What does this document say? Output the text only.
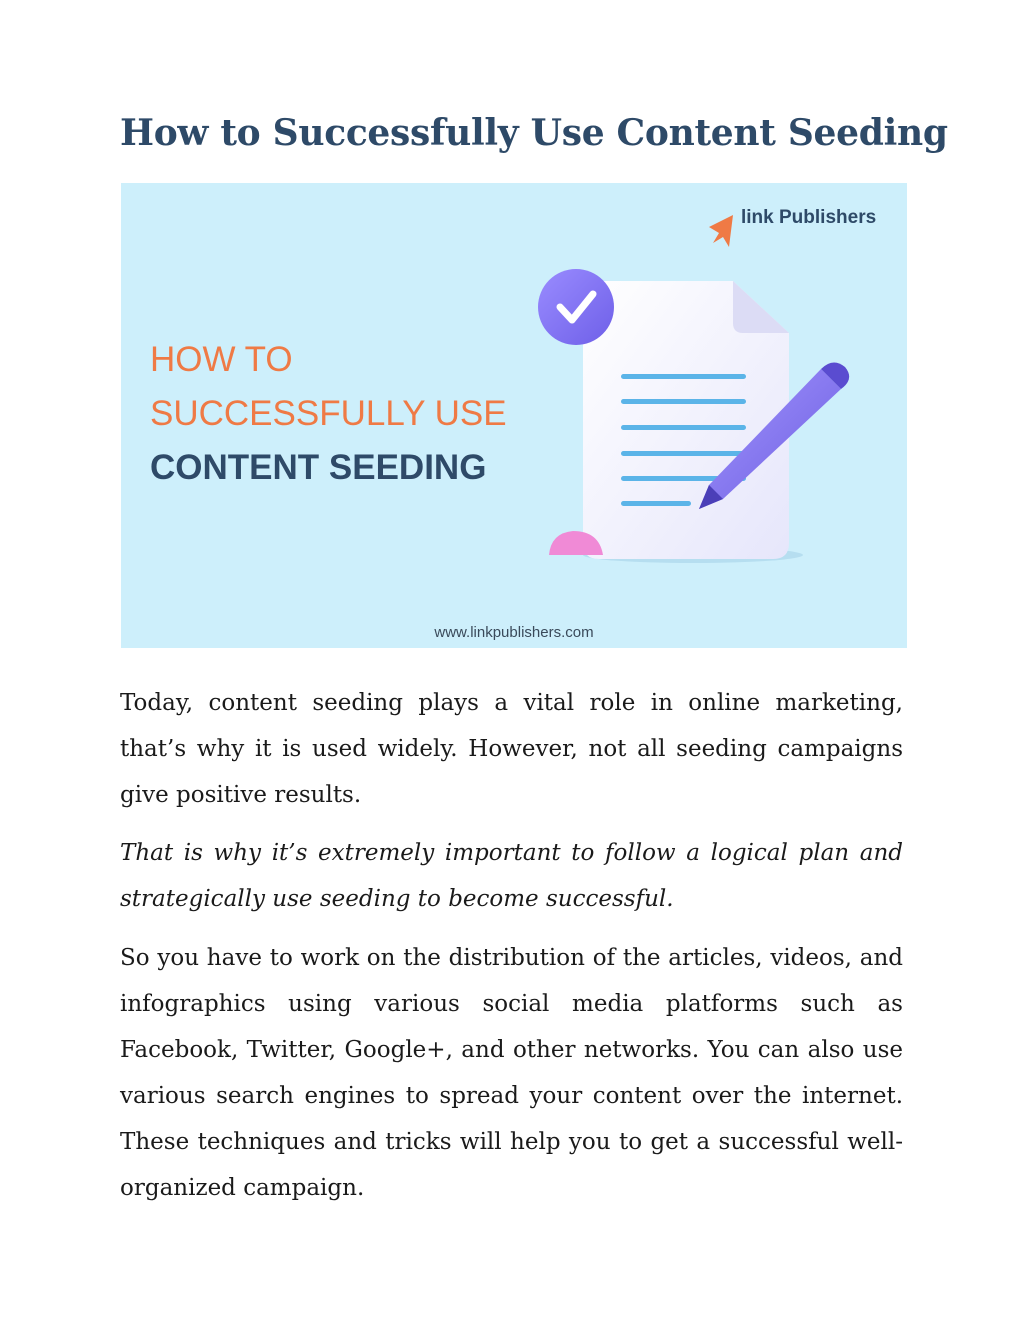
How to Successfully Use Content Seeding
link Publishers
HOW TO
SUCCESSFULLY USE
CONTENT SEEDING
www.linkpublishers.com

Today, content seeding plays a vital role in online marketing, that’s why it is used widely. However, not all seeding campaigns give positive results.

That is why it’s extremely important to follow a logical plan and strategically use seeding to become successful.

So you have to work on the distribution of the articles, videos, and infographics using various social media platforms such as Facebook, Twitter, Google+, and other networks. You can also use various search engines to spread your content over the internet. These techniques and tricks will help you to get a successful well-organized campaign.
